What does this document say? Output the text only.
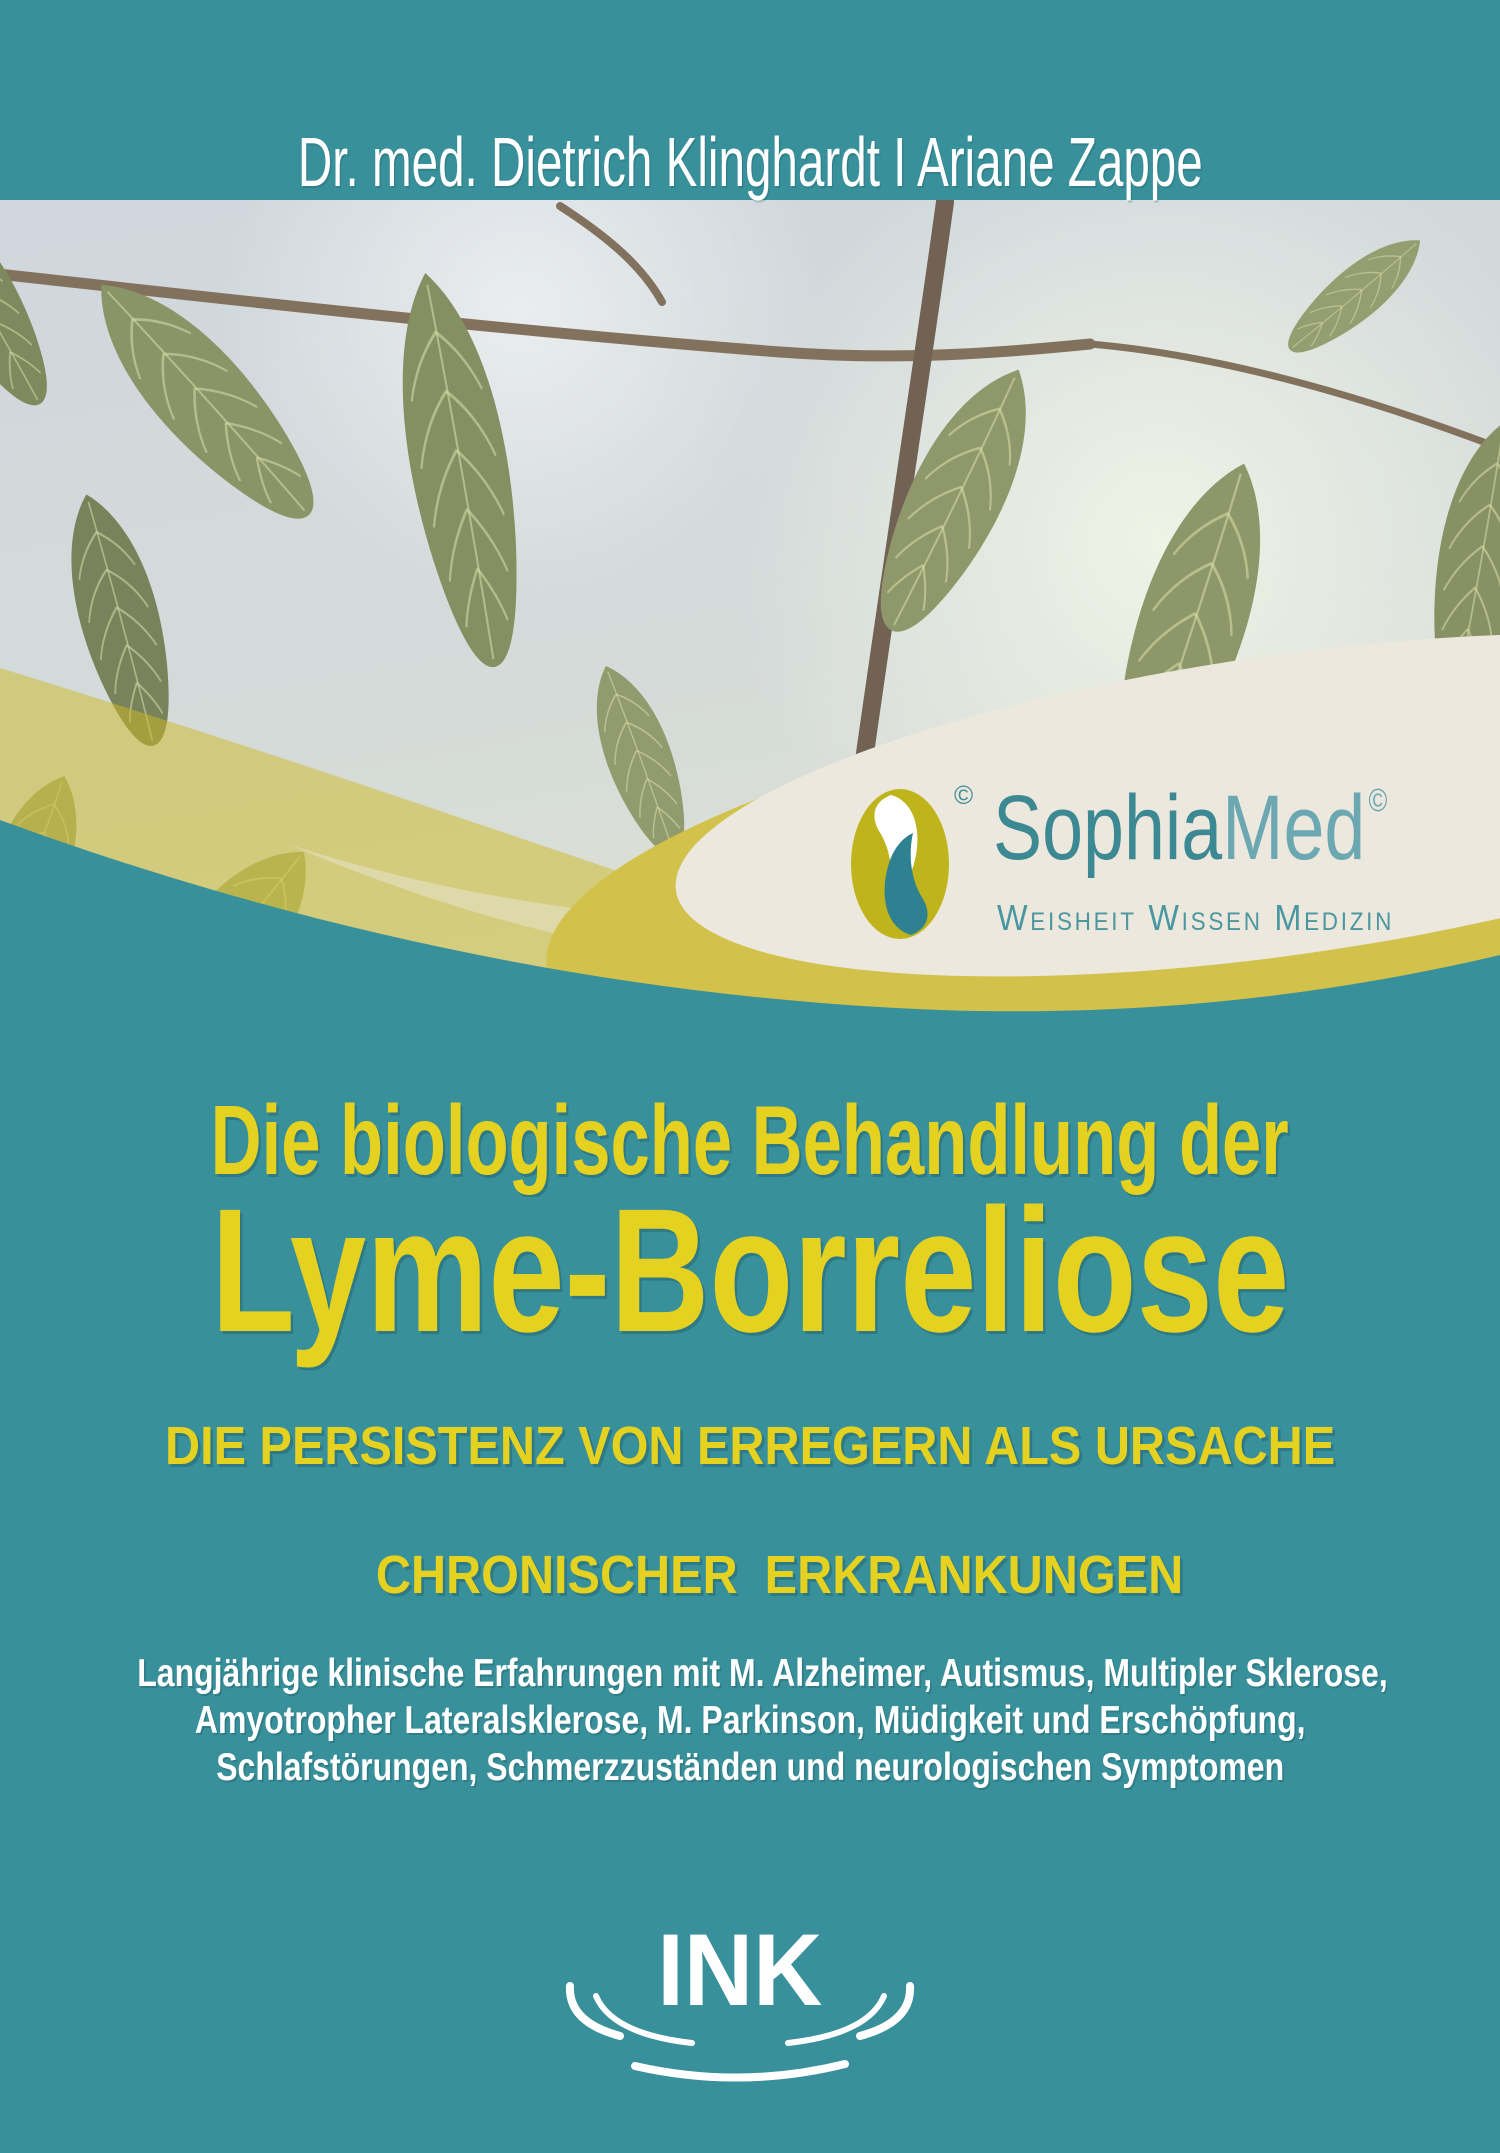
Dr. med. Dietrich Klinghardt I Ariane Zappe
© SophiaMed ©
Weisheit Wissen Medizin
Die biologische Behandlung der
Lyme-Borreliose
DIE PERSISTENZ VON ERREGERN ALS URSACHE

CHRONISCHER  ERKRANKUNGEN

Langjährige klinische Erfahrungen mit M. Alzheimer, Autismus, Multipler Sklerose,
Amyotropher Lateralsklerose, M. Parkinson, Müdigkeit und Erschöpfung,
Schlafstörungen, Schmerzzuständen und neurologischen Symptomen
INK
